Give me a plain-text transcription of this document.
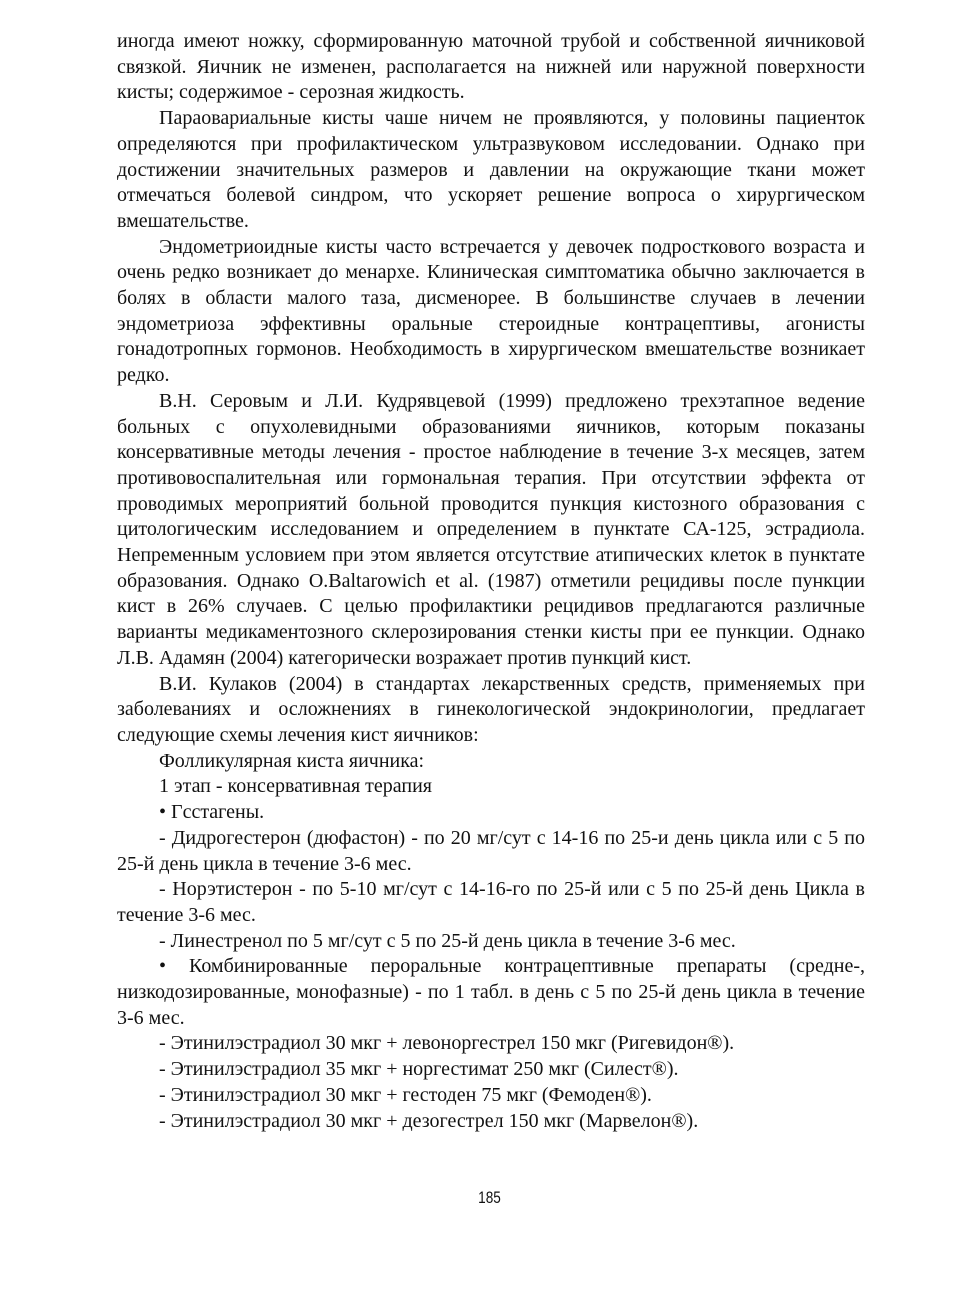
иногда имеют ножку, сформированную маточной трубой и собственной яичниковой связкой. Яичник не изменен, располагается на нижней или наружной поверхности кисты; содержимое - серозная жидкость.

Параовариальные кисты чаше ничем не проявляются, у половины пациенток определяются при профилактическом ультразвуковом исследовании. Однако при достижении значительных размеров и давлении на окружающие ткани может отмечаться болевой синдром, что ускоряет решение вопроса о хирургическом вмешательстве.

Эндометриоидные кисты часто встречается у девочек подросткового возраста и очень редко возникает до менархе. Клиническая симптоматика обычно заключается в болях в области малого таза, дисменорее. В большинстве случаев в лечении эндометриоза эффективны оральные стероидные контрацептивы, агонисты гонадотропных гормонов. Необходимость в хирургическом вмешательстве возникает редко.

В.Н. Серовым и Л.И. Кудрявцевой (1999) предложено трехэтапное ведение больных с опухолевидными образованиями яичников, которым показаны консервативные методы лечения - простое наблюдение в течение 3-х месяцев, затем противовоспалительная или гормональная терапия. При отсутствии эффекта от проводимых мероприятий больной проводится пункция кистозного образования с цитологическим исследованием и определением в пунктате СА-125, эстрадиола. Непременным условием при этом является отсутствие атипических клеток в пунктате образования. Однако O.Baltarowich et al. (1987) отметили рецидивы после пункции кист в 26% случаев. С целью профилактики рецидивов предлагаются различные варианты медикаментозного склерозирования стенки кисты при ее пункции. Однако Л.В. Адамян (2004) категорически возражает против пункций кист.

В.И. Кулаков (2004) в стандартах лекарственных средств, применяемых при заболеваниях и осложнениях в гинекологической эндокринологии, предлагает следующие схемы лечения кист яичников:

Фолликулярная киста яичника:

1 этап - консервативная терапия

• Гсстагены.

- Дидрогестерон (дюфастон) - по 20 мг/сут с 14-16 по 25-и день цикла или с 5 по 25-й день цикла в течение 3-6 мес.

- Норэтистерон - по 5-10 мг/сут с 14-16-го по 25-й или с 5 по 25-й день Цикла в течение 3-6 мес.

- Линестренол по 5 мг/сут с 5 по 25-й день цикла в течение 3-6 мес.

• Комбинированные пероральные контрацептивные препараты (средне-, низкодозированные, монофазные) - по 1 табл. в день с 5 по 25-й день цикла в течение 3-6 мес.

- Этинилэстрадиол 30 мкг + левоноргестрел 150 мкг (Ригевидон®).

- Этинилэстрадиол 35 мкг + норгестимат 250 мкг (Силест®).

- Этинилэстрадиол 30 мкг + гестоден 75 мкг (Фемоден®).

- Этинилэстрадиол 30 мкг + дезогестрел 150 мкг (Марвелон®).

185
